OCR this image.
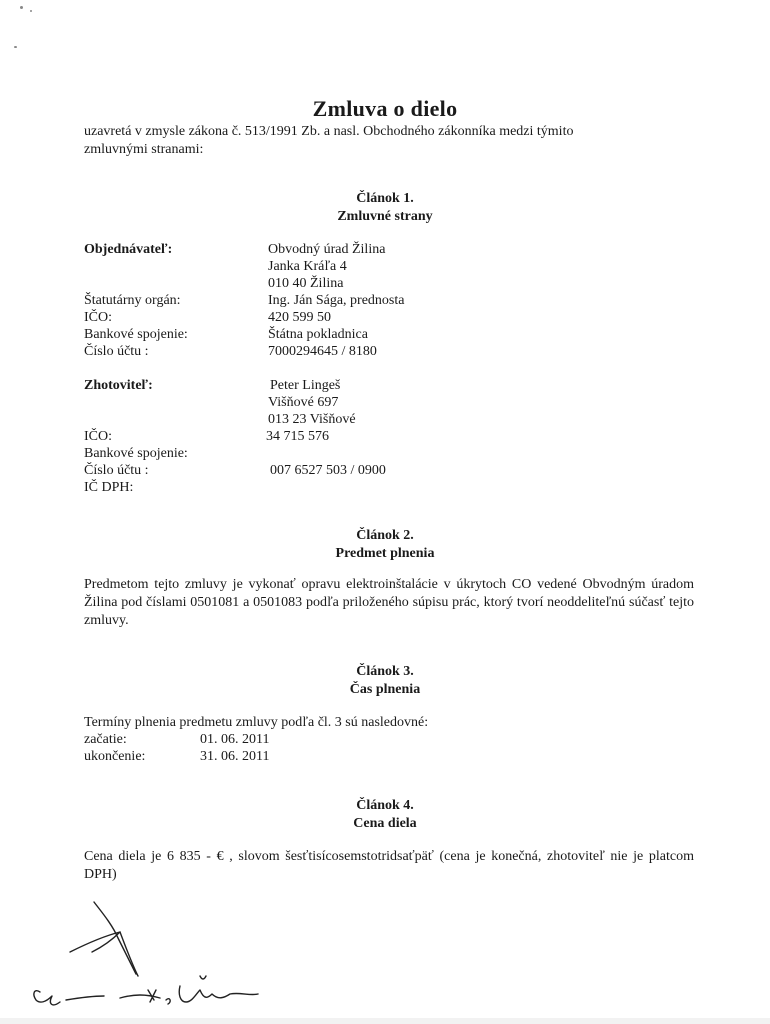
Zmluva o dielo
uzavretá v zmysle zákona č. 513/1991 Zb. a nasl. Obchodného zákonníka medzi týmito
zmluvnými stranami:
Článok 1.
Zmluvné strany
Objednávateľ:	Obvodný úrad Žilina
Janka Kráľa 4
010 40 Žilina
Štatutárny orgán:	Ing. Ján Sága, prednosta
IČO:	420 599 50
Bankové spojenie:	Štátna pokladnica
Číslo účtu :	7000294645 / 8180
Zhotoviteľ:	Peter Lingeš
Višňové 697
013 23 Višňové
IČO:	34 715 576
Bankové spojenie:
Číslo účtu :	007 6527 503 / 0900
IČ DPH:
Článok 2.
Predmet plnenia
Predmetom tejto zmluvy je vykonať opravu elektroinštalácie v úkrytoch CO vedené Obvodným úradom Žilina pod číslami 0501081 a 0501083 podľa priloženého súpisu prác, ktorý tvorí neoddeliteľnú súčasť tejto zmluvy.
Článok 3.
Čas plnenia
Termíny plnenia predmetu zmluvy podľa čl. 3 sú nasledovné:
začatie:	01. 06. 2011
ukončenie:	31. 06. 2011
Článok 4.
Cena diela
Cena diela je 6 835 - € , slovom šesťtisícosemstotridsaťpäť (cena je konečná, zhotoviteľ nie je platcom DPH)
